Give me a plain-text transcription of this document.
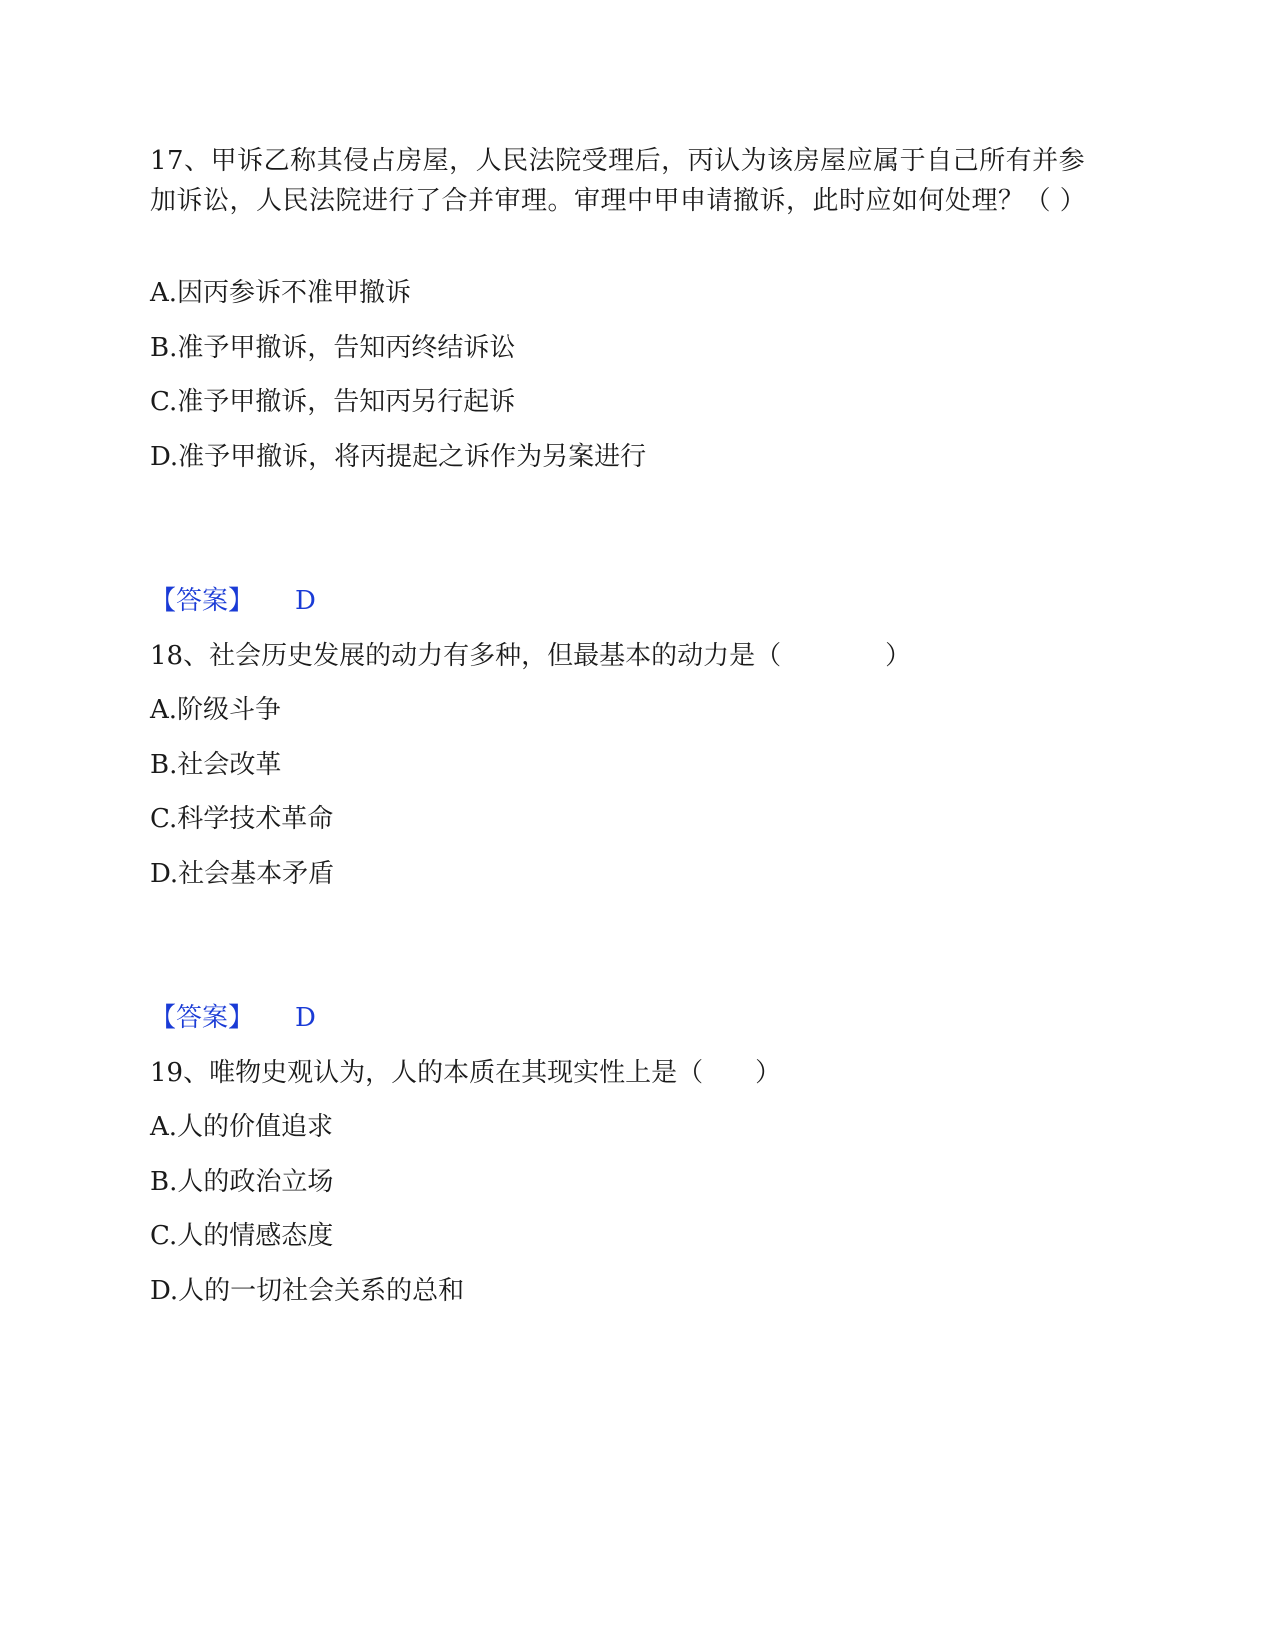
17、甲诉乙称其侵占房屋，人民法院受理后，丙认为该房屋应属于自己所有并参加诉讼，人民法院进行了合并审理。审理中甲申请撤诉，此时应如何处理？（ ）

A.因丙参诉不准甲撤诉

B.准予甲撤诉，告知丙终结诉讼

C.准予甲撤诉，告知丙另行起诉

D.准予甲撤诉，将丙提起之诉作为另案进行

【答案】 D

18、社会历史发展的动力有多种，但最基本的动力是（　　　　）

A.阶级斗争

B.社会改革

C.科学技术革命

D.社会基本矛盾

【答案】 D

19、唯物史观认为，人的本质在其现实性上是（　　）

A.人的价值追求

B.人的政治立场

C.人的情感态度

D.人的一切社会关系的总和
